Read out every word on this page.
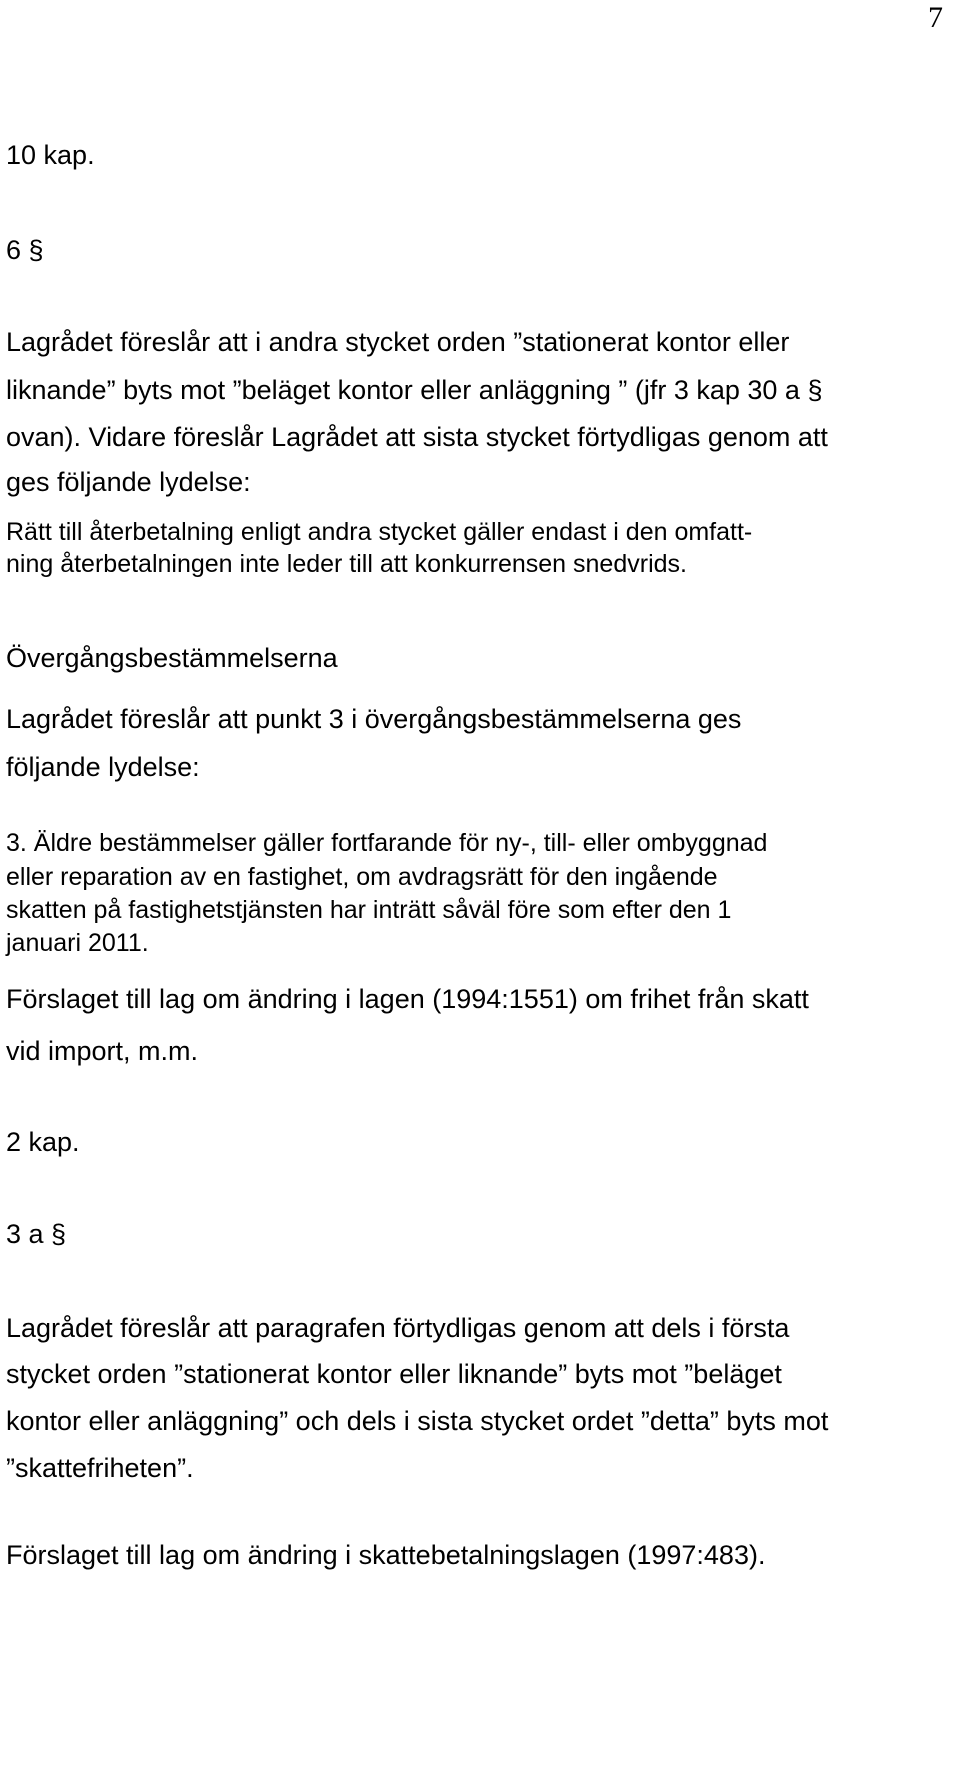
7
10 kap.
6 §
Lagrådet föreslår att i andra stycket orden ”stationerat kontor eller
liknande” byts mot ”beläget kontor eller anläggning ” (jfr 3 kap 30 a §
ovan). Vidare föreslår Lagrådet att sista stycket förtydligas genom att
ges följande lydelse:
Rätt till återbetalning enligt andra stycket gäller endast i den omfatt-
ning återbetalningen inte leder till att konkurrensen snedvrids.
Övergångsbestämmelserna
Lagrådet föreslår att punkt 3 i övergångsbestämmelserna ges
följande lydelse:
3. Äldre bestämmelser gäller fortfarande för ny-, till- eller ombyggnad
eller reparation av en fastighet, om avdragsrätt för den ingående
skatten på fastighetstjänsten har inträtt såväl före som efter den 1
januari 2011.
Förslaget till lag om ändring i lagen (1994:1551) om frihet från skatt
vid import, m.m.
2 kap.
3 a §
Lagrådet föreslår att paragrafen förtydligas genom att dels i första
stycket orden ”stationerat kontor eller liknande” byts mot ”beläget
kontor eller anläggning” och dels i sista stycket ordet ”detta” byts mot
”skattefriheten”.
Förslaget till lag om ändring i skattebetalningslagen (1997:483).
